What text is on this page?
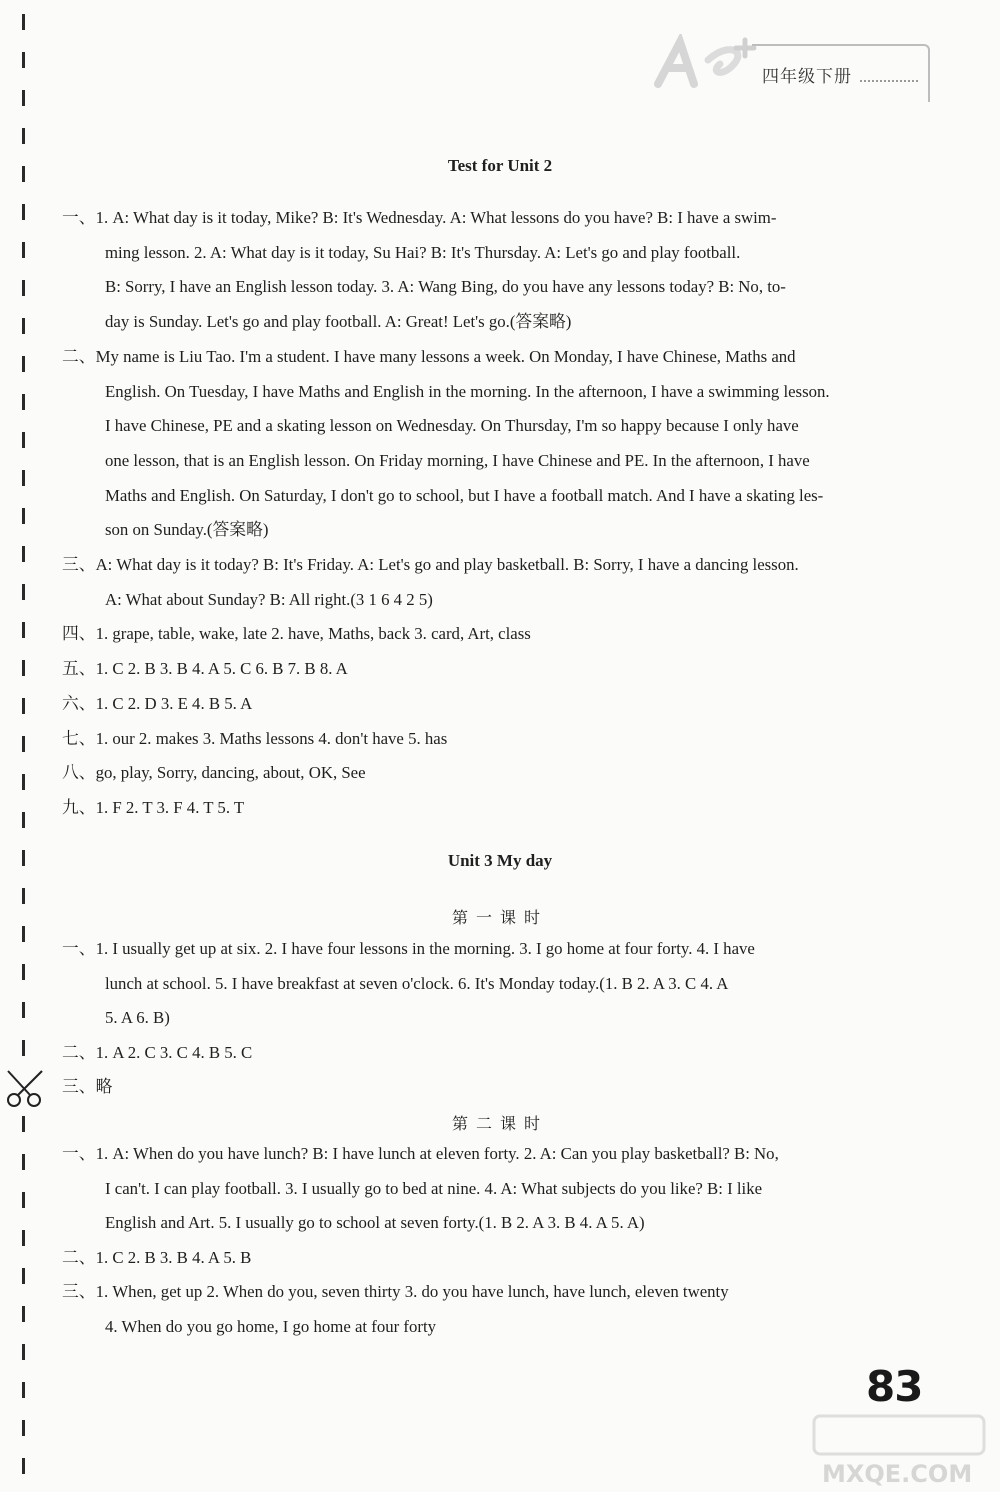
四年级下册
Test for Unit 2
一、1. A: What day is it today, Mike? B: It's Wednesday. A: What lessons do you have? B: I have a swim-
ming lesson. 2. A: What day is it today, Su Hai? B: It's Thursday. A: Let's go and play football.
B: Sorry, I have an English lesson today. 3. A: Wang Bing, do you have any lessons today? B: No, to-
day is Sunday. Let's go and play football. A: Great! Let's go.(答案略)
二、My name is Liu Tao. I'm a student. I have many lessons a week. On Monday, I have Chinese, Maths and
English. On Tuesday, I have Maths and English in the morning. In the afternoon, I have a swimming lesson.
I have Chinese, PE and a skating lesson on Wednesday. On Thursday, I'm so happy because I only have
one lesson, that is an English lesson. On Friday morning, I have Chinese and PE. In the afternoon, I have
Maths and English. On Saturday, I don't go to school, but I have a football match. And I have a skating les-
son on Sunday.(答案略)
三、A: What day is it today? B: It's Friday. A: Let's go and play basketball. B: Sorry, I have a dancing lesson.
A: What about Sunday? B: All right.(3 1 6 4 2 5)
四、1. grape, table, wake, late 2. have, Maths, back 3. card, Art, class
五、1. C 2. B 3. B 4. A 5. C 6. B 7. B 8. A
六、1. C 2. D 3. E 4. B 5. A
七、1. our 2. makes 3. Maths lessons 4. don't have 5. has
八、go, play, Sorry, dancing, about, OK, See
九、1. F 2. T 3. F 4. T 5. T
Unit 3 My day
第一课时
一、1. I usually get up at six. 2. I have four lessons in the morning. 3. I go home at four forty. 4. I have
lunch at school. 5. I have breakfast at seven o'clock. 6. It's Monday today.(1. B 2. A 3. C 4. A
5. A 6. B)
二、1. A 2. C 3. C 4. B 5. C
三、略
第二课时
一、1. A: When do you have lunch? B: I have lunch at eleven forty. 2. A: Can you play basketball? B: No,
I can't. I can play football. 3. I usually go to bed at nine. 4. A: What subjects do you like? B: I like
English and Art. 5. I usually go to school at seven forty.(1. B 2. A 3. B 4. A 5. A)
二、1. C 2. B 3. B 4. A 5. B
三、1. When, get up 2. When do you, seven thirty 3. do you have lunch, have lunch, eleven twenty
4. When do you go home, I go home at four forty
83
MXQE.COM
